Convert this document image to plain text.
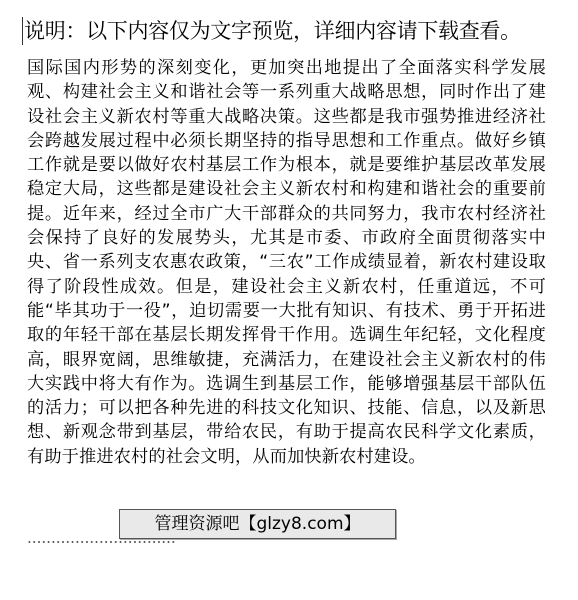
说明：以下内容仅为文字预览，详细内容请下载查看。
国际国内形势的深刻变化，更加突出地提出了全面落实科学发展观、构建社会主义和谐社会等一系列重大战略思想，同时作出了建设社会主义新农村等重大战略决策。这些都是我市强势推进经济社会跨越发展过程中必须长期坚持的指导思想和工作重点。做好乡镇工作就是要以做好农村基层工作为根本，就是要维护基层改革发展稳定大局，这些都是建设社会主义新农村和构建和谐社会的重要前提。近年来，经过全市广大干部群众的共同努力，我市农村经济社会保持了良好的发展势头，尤其是市委、市政府全面贯彻落实中央、省一系列支农惠农政策，“三农”工作成绩显着，新农村建设取得了阶段性成效。但是，建设社会主义新农村，任重道远，不可能“毕其功于一役”，迫切需要一大批有知识、有技术、勇于开拓进取的年轻干部在基层长期发挥骨干作用。选调生年纪轻，文化程度高，眼界宽阔，思维敏捷，充满活力，在建设社会主义新农村的伟大实践中将大有作为。选调生到基层工作，能够增强基层干部队伍的活力；可以把各种先进的科技文化知识、技能、信息，以及新思想、新观念带到基层，带给农民，有助于提高农民科学文化素质，有助于推进农村的社会文明，从而加快新农村建设。
管理资源吧【glzy8.com】
